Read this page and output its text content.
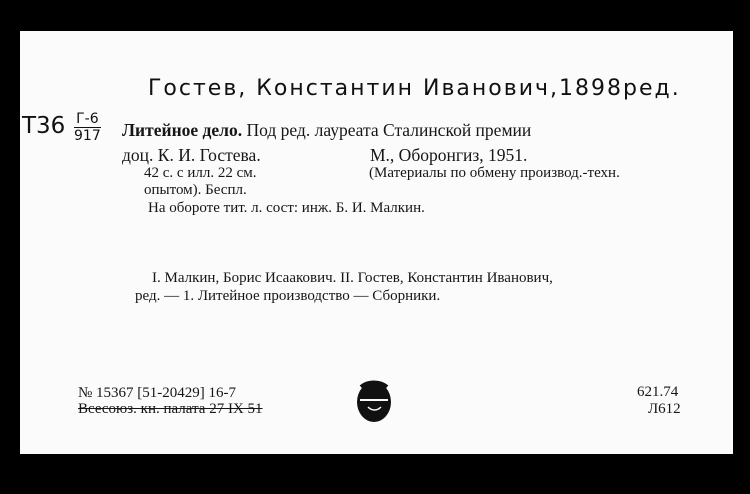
Гостев, Константин Иванович,1898ред.
Т36 Г-6
917 Литейное дело. Под ред. лауреата Сталинской премии
доц. К. И. Гостева.	М., Оборонгиз, 1951.
42 с. с илл. 22 см.	(Материалы по обмену производ.-техн.
опытом). Беспл.
На обороте тит. л. сост: инж. Б. И. Малкин.
I. Малкин, Борис Исаакович. II. Гостев, Константин Иванович,
ред. — 1. Литейное производство — Сборники.
№ 15367 [51-20429] 16-7
Всесоюз. кн. палата 27 IX 51
621.74
Л612
